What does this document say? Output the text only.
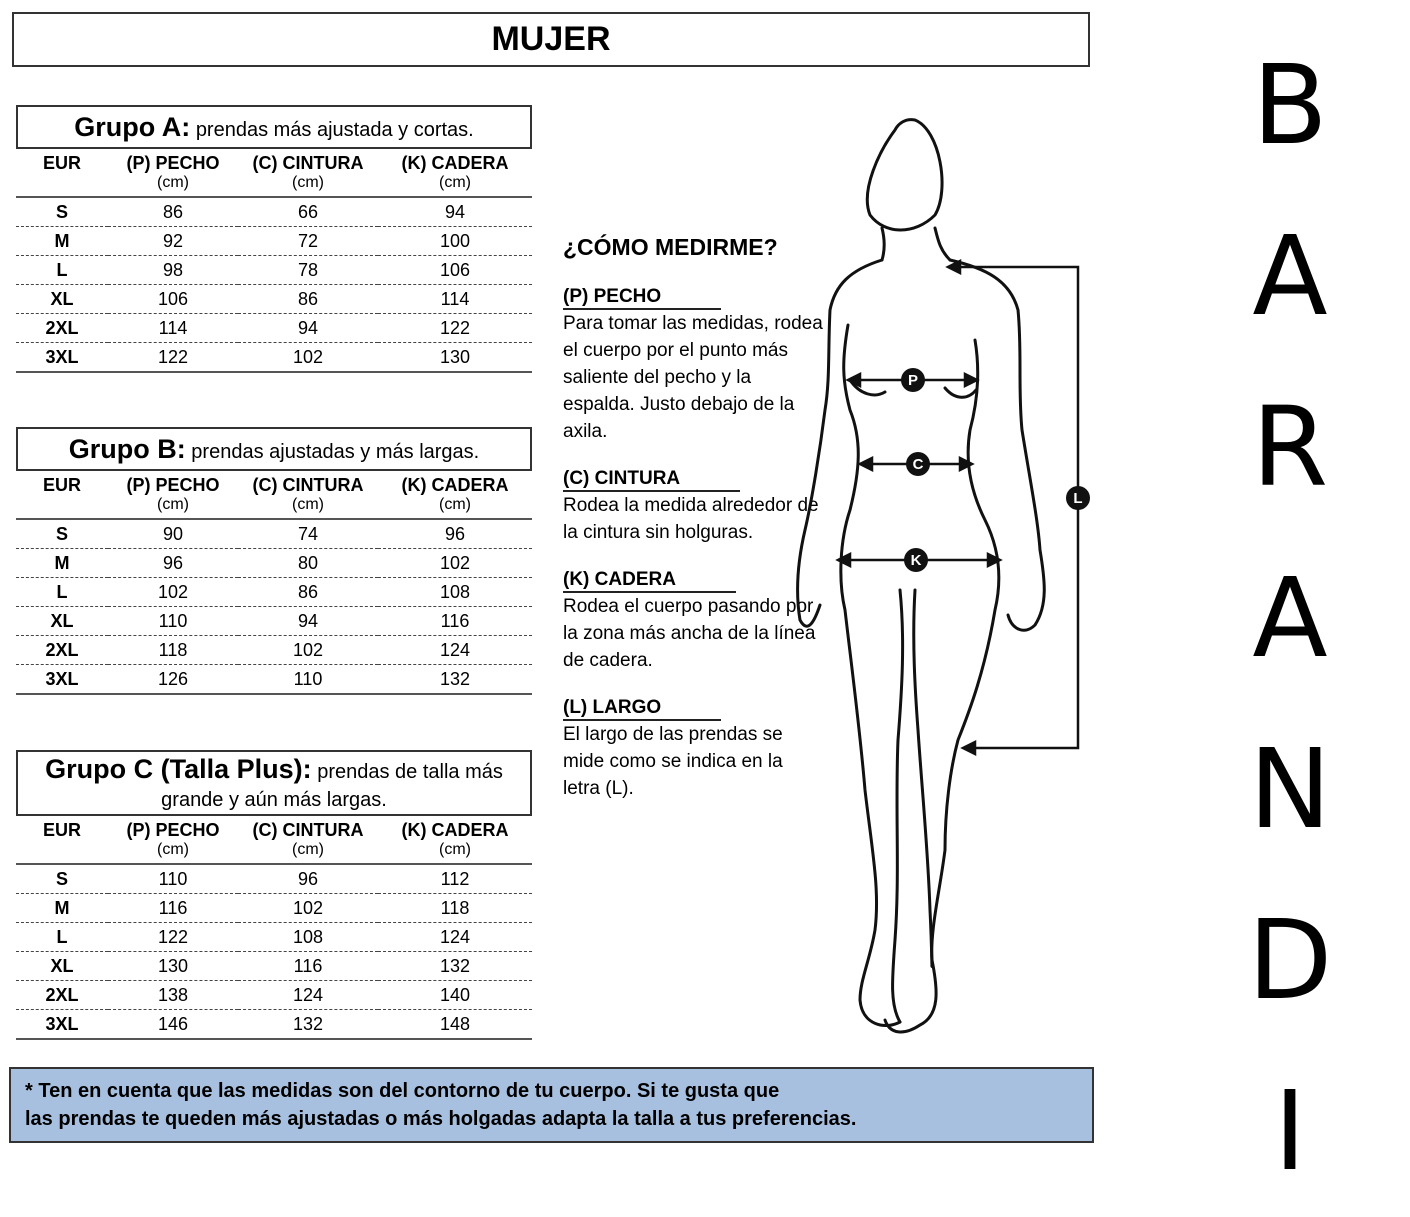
MUJER
Grupo A: prendas más ajustada y cortas.
EUR	(P) PECHO	(C) CINTURA	(K) CADERA
	(cm)	(cm)	(cm)
S	86	66	94
M	92	72	100
L	98	78	106
XL	106	86	114
2XL	114	94	122
3XL	122	102	130
Grupo B: prendas ajustadas y más largas.
EUR	(P) PECHO	(C) CINTURA	(K) CADERA
	(cm)	(cm)	(cm)
S	90	74	96
M	96	80	102
L	102	86	108
XL	110	94	116
2XL	118	102	124
3XL	126	110	132
Grupo C (Talla Plus): prendas de talla más grande y aún más largas.
EUR	(P) PECHO	(C) CINTURA	(K) CADERA
	(cm)	(cm)	(cm)
S	110	96	112
M	116	102	118
L	122	108	124
XL	130	116	132
2XL	138	124	140
3XL	146	132	148
¿CÓMO MEDIRME?
(P) PECHO
Para tomar las medidas, rodea el cuerpo por el punto más saliente del pecho y la espalda. Justo debajo de la axila.
(C) CINTURA
Rodea la medida alrededor de la cintura sin holguras.
(K) CADERA
Rodea el cuerpo pasando por la zona más ancha de la línea de cadera.
(L) LARGO
El largo de las prendas se mide como se indica en la letra (L).
P
C
K
L
* Ten en cuenta que las medidas son del contorno de tu cuerpo. Si te gusta que
las prendas te queden más ajustadas o más holgadas adapta la talla a tus preferencias.
B
A
R
A
N
D
I
